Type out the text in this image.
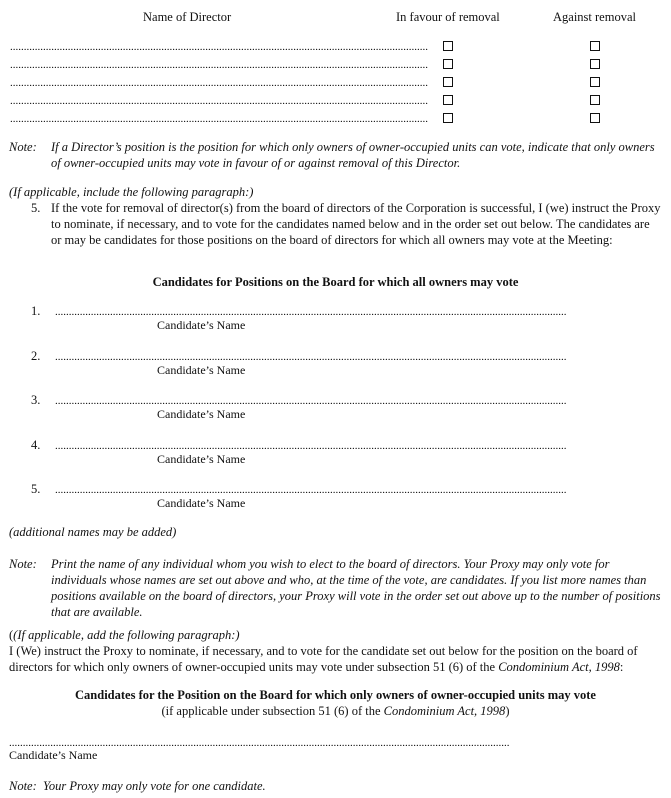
Name of Director	In favour of removal	Against removal
........................................................................................................................................................
........................................................................................................................................................
........................................................................................................................................................
........................................................................................................................................................
........................................................................................................................................................
Note: If a Director’s position is the position for which only owners of owner-occupied units can vote, indicate that only owners of owner-occupied units may vote in favour of or against removal of this Director.
(If applicable, include the following paragraph:)
5. If the vote for removal of director(s) from the board of directors of the Corporation is successful, I (we) instruct the Proxy to nominate, if necessary, and to vote for the candidates named below and in the order set out below. The candidates are or may be candidates for those positions on the board of directors for which all owners may vote at the Meeting:
Candidates for Positions on the Board for which all owners may vote
1. ..........................................................................................................................................................................................
Candidate’s Name
2. ..........................................................................................................................................................................................
Candidate’s Name
3. ..........................................................................................................................................................................................
Candidate’s Name
4. ..........................................................................................................................................................................................
Candidate’s Name
5. ..........................................................................................................................................................................................
Candidate’s Name
(additional names may be added)
Note: Print the name of any individual whom you wish to elect to the board of directors. Your Proxy may only vote for individuals whose names are set out above and who, at the time of the vote, are candidates. If you list more names than positions available on the board of directors, your Proxy will vote in the order set out above up to the number of positions that are available.
((If applicable, add the following paragraph:)
I (We) instruct the Proxy to nominate, if necessary, and to vote for the candidate set out below for the position on the board of directors for which only owners of owner-occupied units may vote under subsection 51 (6) of the Condominium Act, 1998:
Candidates for the Position on the Board for which only owners of owner-occupied units may vote
(if applicable under subsection 51 (6) of the Condominium Act, 1998)
......................................................................................................................................................................................
Candidate’s Name
Note: Your Proxy may only vote for one candidate.
